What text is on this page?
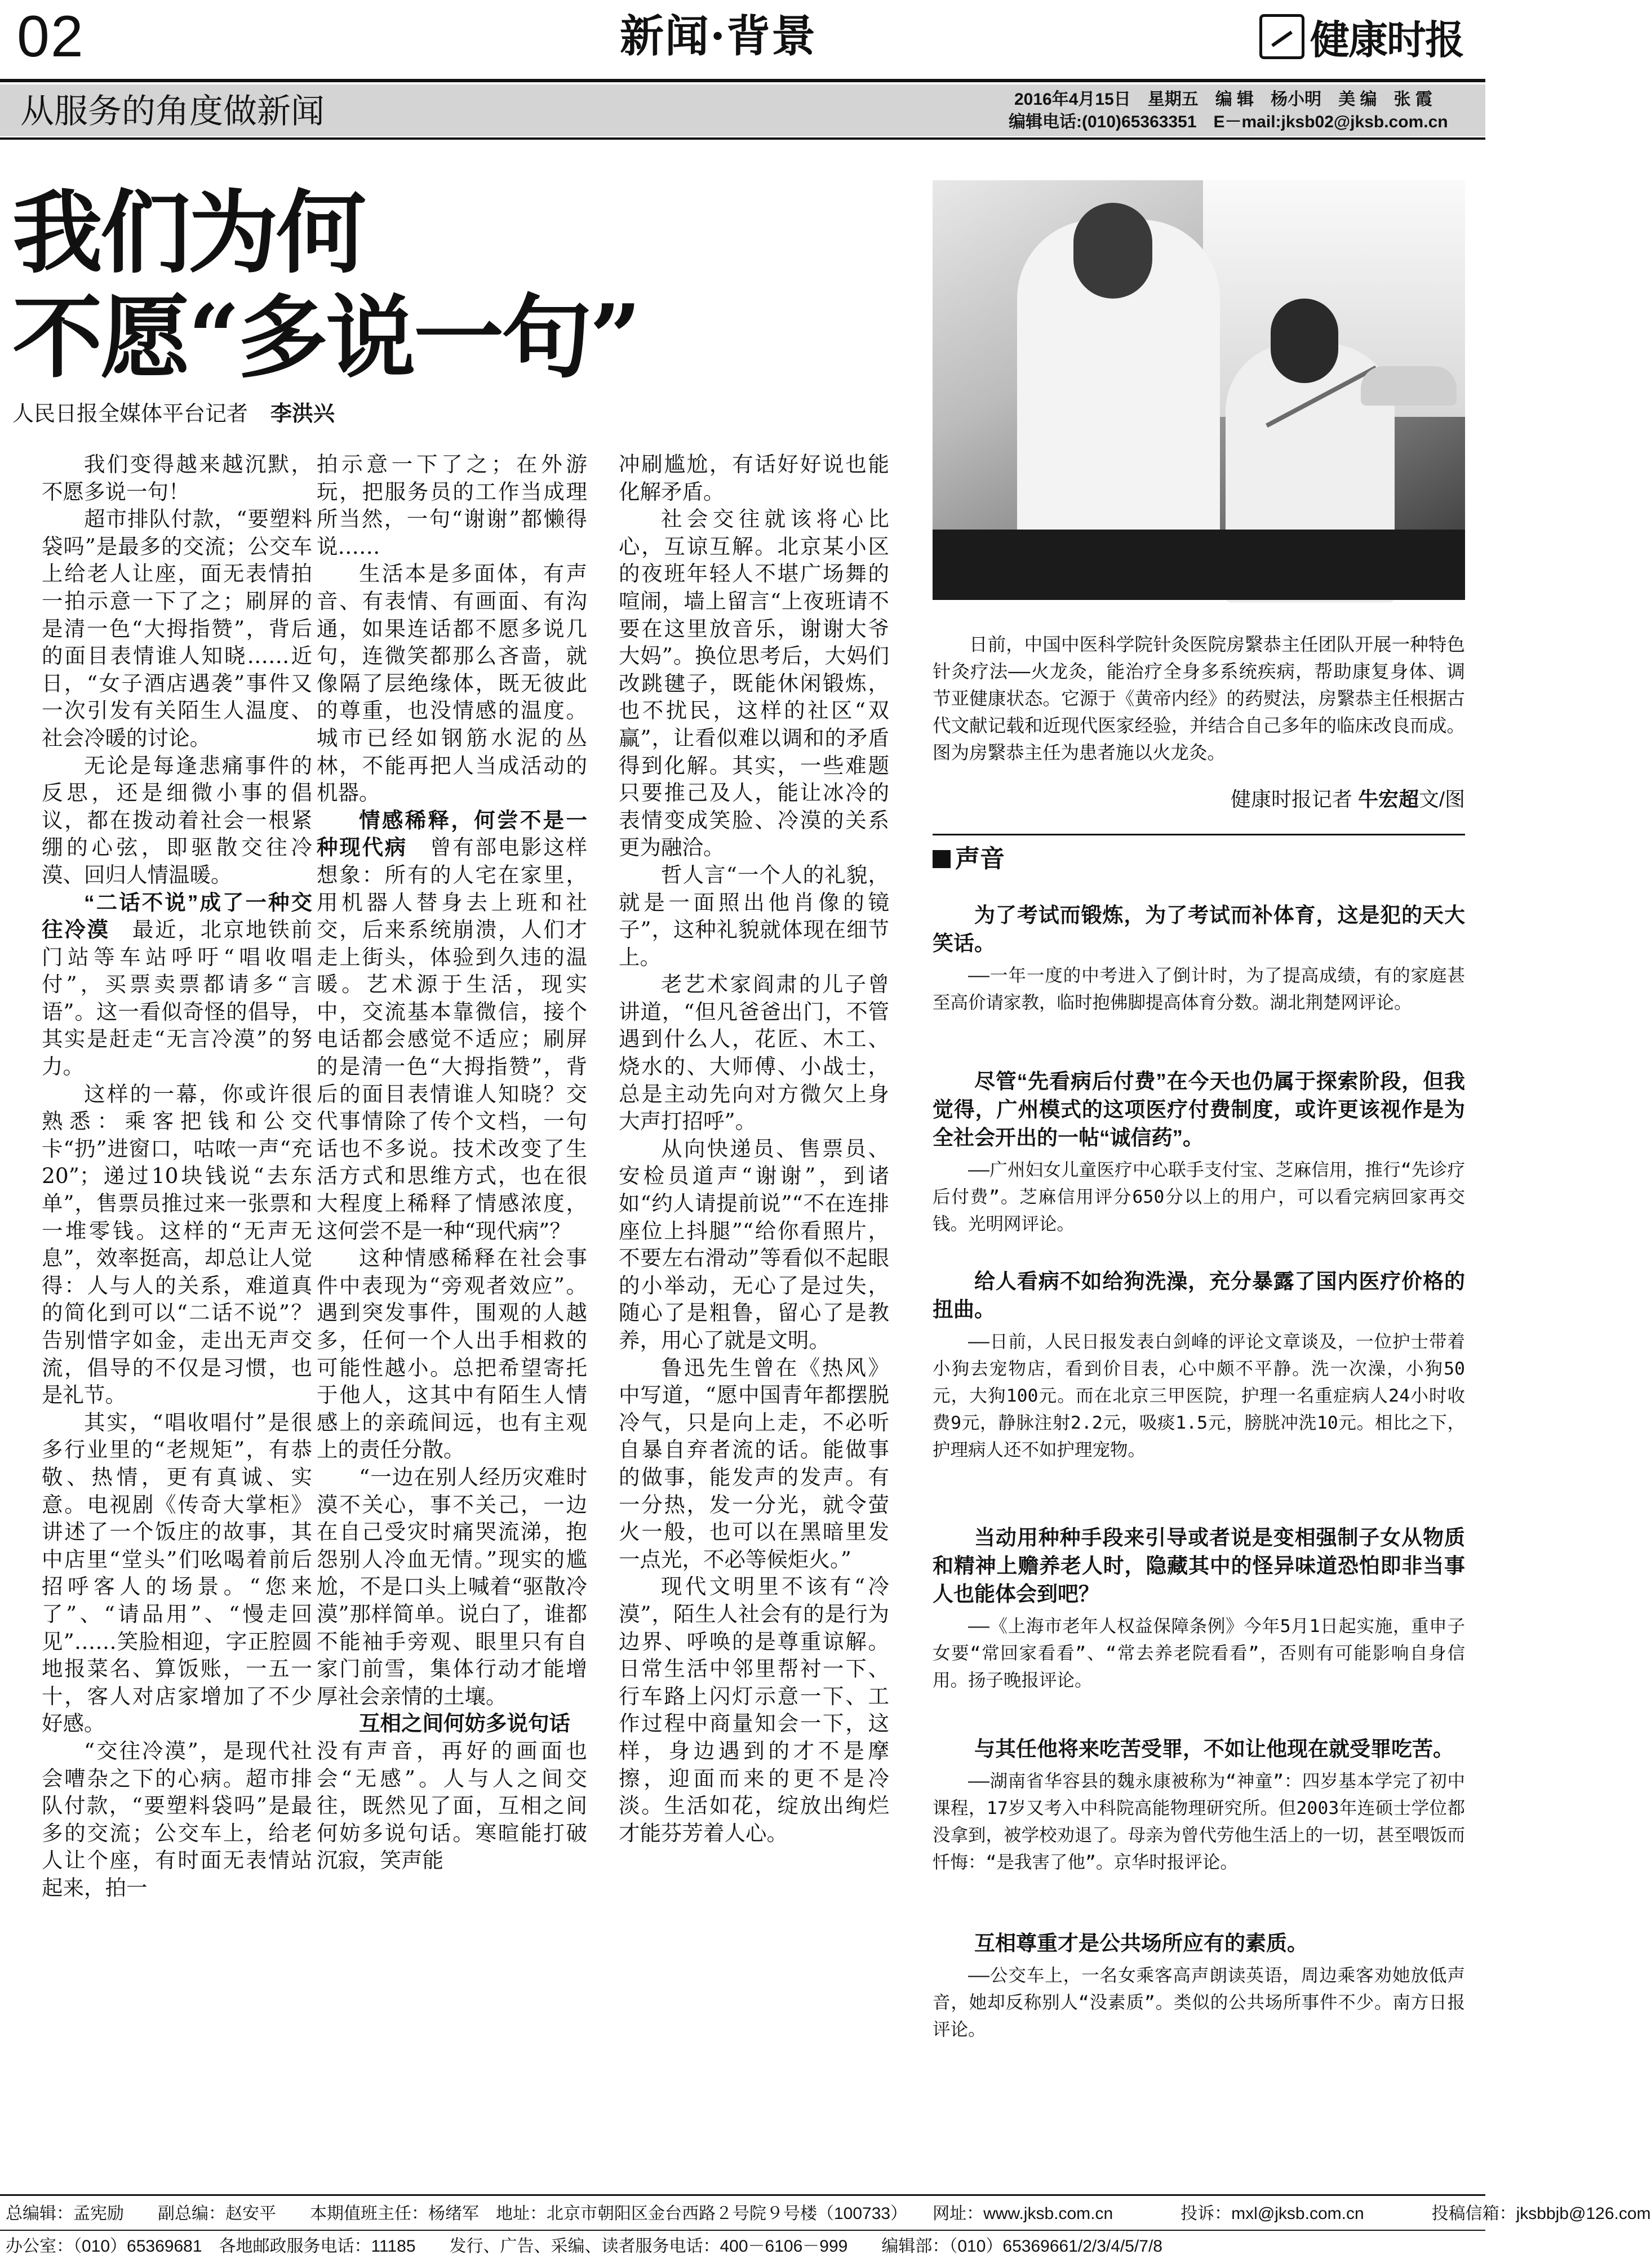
02	新闻·背景	健康时报
从服务的角度做新闻	2016年4月15日　星期五　编 辑　杨小明　美 编　张 霞
编辑电话:(010)65363351　E－mail:jksb02@jksb.com.cn
我们为何
不愿“多说一句”
人民日报全媒体平台记者 李洪兴

我们变得越来越沉默，不愿多说一句！

超市排队付款，“要塑料袋吗”是最多的交流；公交车上给老人让座，面无表情拍一拍示意一下了之；刷屏的是清一色“大拇指赞”，背后的面目表情谁人知晓……近日，“女子酒店遇袭”事件又一次引发有关陌生人温度、社会冷暖的讨论。

无论是每逢悲痛事件的反思，还是细微小事的倡议，都在拨动着社会一根紧绷的心弦，即驱散交往冷漠、回归人情温暖。

“二话不说”成了一种交往冷漠　最近，北京地铁前门站等车站呼吁“唱收唱付”，买票卖票都请多“言语”。这一看似奇怪的倡导，其实是赶走“无言冷漠”的努力。

这样的一幕，你或许很熟悉：乘客把钱和公交卡“扔”进窗口，咕哝一声“充20”；递过10块钱说“去东单”，售票员推过来一张票和一堆零钱。这样的“无声无息”，效率挺高，却总让人觉得：人与人的关系，难道真的简化到可以“二话不说”？告别惜字如金，走出无声交流，倡导的不仅是习惯，也是礼节。

其实，“唱收唱付”是很多行业里的“老规矩”，有恭敬、热情，更有真诚、实意。电视剧《传奇大掌柜》讲述了一个饭庄的故事，其中店里“堂头”们吆喝着前后招呼客人的场景。“您来了”、“请品用”、“慢走回见”……笑脸相迎，字正腔圆地报菜名、算饭账，一五一十，客人对店家增加了不少好感。

“交往冷漠”，是现代社会嘈杂之下的心病。超市排队付款，“要塑料袋吗”是最多的交流；公交车上，给老人让个座，有时面无表情站起来，拍一

拍示意一下了之；在外游玩，把服务员的工作当成理所当然，一句“谢谢”都懒得说……

生活本是多面体，有声音、有表情、有画面、有沟通，如果连话都不愿多说几句，连微笑都那么吝啬，就像隔了层绝缘体，既无彼此的尊重，也没情感的温度。城市已经如钢筋水泥的丛林，不能再把人当成活动的机器。

情感稀释，何尝不是一种现代病　曾有部电影这样想象：所有的人宅在家里，用机器人替身去上班和社交，后来系统崩溃，人们才走上街头，体验到久违的温暖。艺术源于生活，现实中，交流基本靠微信，接个电话都会感觉不适应；刷屏的是清一色“大拇指赞”，背后的面目表情谁人知晓？交代事情除了传个文档，一句话也不多说。技术改变了生活方式和思维方式，也在很大程度上稀释了情感浓度，这何尝不是一种“现代病”？

这种情感稀释在社会事件中表现为“旁观者效应”。遇到突发事件，围观的人越多，任何一个人出手相救的可能性越小。总把希望寄托于他人，这其中有陌生人情感上的亲疏间远，也有主观上的责任分散。

“一边在别人经历灾难时漠不关心，事不关己，一边在自己受灾时痛哭流涕，抱怨别人冷血无情。”现实的尴尬，不是口头上喊着“驱散冷漠”那样简单。说白了，谁都不能袖手旁观、眼里只有自家门前雪，集体行动才能增厚社会亲情的土壤。

互相之间何妨多说句话　没有声音，再好的画面也会“无感”。人与人之间交往，既然见了面，互相之间何妨多说句话。寒暄能打破沉寂，笑声能

冲刷尴尬，有话好好说也能化解矛盾。

社会交往就该将心比心，互谅互解。北京某小区的夜班年轻人不堪广场舞的喧闹，墙上留言“上夜班请不要在这里放音乐，谢谢大爷大妈”。换位思考后，大妈们改跳毽子，既能休闲锻炼，也不扰民，这样的社区“双赢”，让看似难以调和的矛盾得到化解。其实，一些难题只要推己及人，能让冰冷的表情变成笑脸、冷漠的关系更为融洽。

哲人言“一个人的礼貌，就是一面照出他肖像的镜子”，这种礼貌就体现在细节上。

老艺术家阎肃的儿子曾讲道，“但凡爸爸出门，不管遇到什么人，花匠、木工、烧水的、大师傅、小战士，总是主动先向对方微欠上身大声打招呼”。

从向快递员、售票员、安检员道声“谢谢”，到诸如“约人请提前说”“不在连排座位上抖腿”“给你看照片，不要左右滑动”等看似不起眼的小举动，无心了是过失，随心了是粗鲁，留心了是教养，用心了就是文明。

鲁迅先生曾在《热风》中写道，“愿中国青年都摆脱冷气，只是向上走，不必听自暴自弃者流的话。能做事的做事，能发声的发声。有一分热，发一分光，就令萤火一般，也可以在黑暗里发一点光，不必等候炬火。”

现代文明里不该有“冷漠”，陌生人社会有的是行为边界、呼唤的是尊重谅解。日常生活中邻里帮衬一下、行车路上闪灯示意一下、工作过程中商量知会一下，这样，身边遇到的才不是摩擦，迎面而来的更不是冷淡。生活如花，绽放出绚烂才能芬芳着人心。

日前，中国中医科学院针灸医院房繄恭主任团队开展一种特色针灸疗法——火龙灸，能治疗全身多系统疾病，帮助康复身体、调节亚健康状态。它源于《黄帝内经》的药熨法，房繄恭主任根据古代文献记载和近现代医家经验，并结合自己多年的临床改良而成。图为房繄恭主任为患者施以火龙灸。
健康时报记者 牛宏超文/图
声音
为了考试而锻炼，为了考试而补体育，这是犯的天大笑话。

——一年一度的中考进入了倒计时，为了提高成绩，有的家庭甚至高价请家教，临时抱佛脚提高体育分数。湖北荆楚网评论。

尽管“先看病后付费”在今天也仍属于探索阶段，但我觉得，广州模式的这项医疗付费制度，或许更该视作是为全社会开出的一帖“诚信药”。

——广州妇女儿童医疗中心联手支付宝、芝麻信用，推行“先诊疗后付费”。芝麻信用评分650分以上的用户，可以看完病回家再交钱。光明网评论。

给人看病不如给狗洗澡，充分暴露了国内医疗价格的扭曲。

——日前，人民日报发表白剑峰的评论文章谈及，一位护士带着小狗去宠物店，看到价目表，心中颇不平静。洗一次澡，小狗50元，大狗100元。而在北京三甲医院，护理一名重症病人24小时收费9元，静脉注射2.2元，吸痰1.5元，膀胱冲洗10元。相比之下，护理病人还不如护理宠物。

当动用种种手段来引导或者说是变相强制子女从物质和精神上赡养老人时，隐藏其中的怪异味道恐怕即非当事人也能体会到吧？

——《上海市老年人权益保障条例》今年5月1日起实施，重申子女要“常回家看看”、“常去养老院看看”，否则有可能影响自身信用。扬子晚报评论。

与其任他将来吃苦受罪，不如让他现在就受罪吃苦。

——湖南省华容县的魏永康被称为“神童”：四岁基本学完了初中课程，17岁又考入中科院高能物理研究所。但2003年连硕士学位都没拿到，被学校劝退了。母亲为曾代劳他生活上的一切，甚至喂饭而忏悔：“是我害了他”。京华时报评论。

互相尊重才是公共场所应有的素质。

——公交车上，一名女乘客高声朗读英语，周边乘客劝她放低声音，她却反称别人“没素质”。类似的公共场所事件不少。南方日报评论。

总编辑：孟宪励　　副总编：赵安平　　本期值班主任：杨绪军　地址：北京市朝阳区金台西路２号院９号楼（100733）　　网址：www.jksb.com.cn　　　　投诉：mxl@jksb.com.cn　　　　投稿信箱：jksbbjb@126.com
办公室：（010）65369681　各地邮政服务电话：11185　　发行、广告、采编、读者服务电话：400－6106－999　　编辑部：（010）65369661/2/3/4/5/7/8
